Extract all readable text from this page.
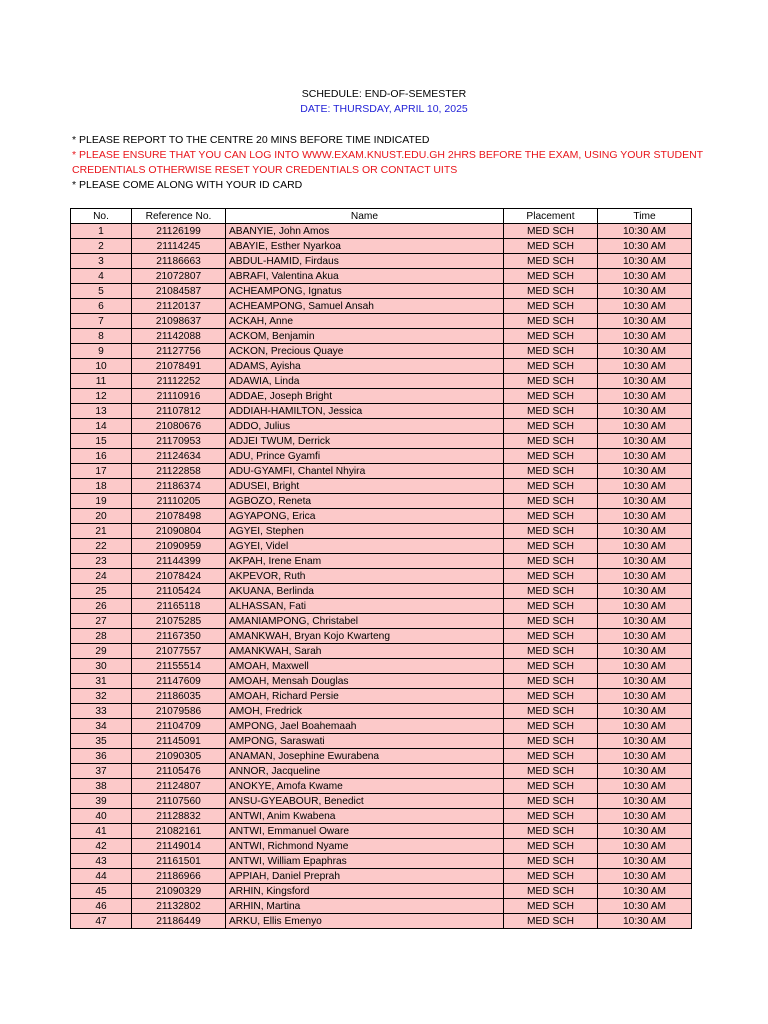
SCHEDULE: END-OF-SEMESTER
DATE: THURSDAY, APRIL 10, 2025
* PLEASE REPORT TO THE CENTRE 20 MINS BEFORE TIME INDICATED
* PLEASE ENSURE THAT YOU CAN LOG INTO WWW.EXAM.KNUST.EDU.GH 2HRS BEFORE THE EXAM, USING YOUR STUDENT CREDENTIALS OTHERWISE RESET YOUR CREDENTIALS OR CONTACT UITS
* PLEASE COME ALONG WITH YOUR ID CARD
No.	Reference No.	Name	Placement	Time
1	21126199	ABANYIE, John Amos	MED SCH	10:30 AM
2	21114245	ABAYIE, Esther Nyarkoa	MED SCH	10:30 AM
3	21186663	ABDUL-HAMID, Firdaus	MED SCH	10:30 AM
4	21072807	ABRAFI, Valentina Akua	MED SCH	10:30 AM
5	21084587	ACHEAMPONG, Ignatus	MED SCH	10:30 AM
6	21120137	ACHEAMPONG, Samuel Ansah	MED SCH	10:30 AM
7	21098637	ACKAH, Anne	MED SCH	10:30 AM
8	21142088	ACKOM, Benjamin	MED SCH	10:30 AM
9	21127756	ACKON, Precious Quaye	MED SCH	10:30 AM
10	21078491	ADAMS, Ayisha	MED SCH	10:30 AM
11	21112252	ADAWIA, Linda	MED SCH	10:30 AM
12	21110916	ADDAE, Joseph Bright	MED SCH	10:30 AM
13	21107812	ADDIAH-HAMILTON, Jessica	MED SCH	10:30 AM
14	21080676	ADDO, Julius	MED SCH	10:30 AM
15	21170953	ADJEI TWUM, Derrick	MED SCH	10:30 AM
16	21124634	ADU, Prince Gyamfi	MED SCH	10:30 AM
17	21122858	ADU-GYAMFI, Chantel Nhyira	MED SCH	10:30 AM
18	21186374	ADUSEI, Bright	MED SCH	10:30 AM
19	21110205	AGBOZO, Reneta	MED SCH	10:30 AM
20	21078498	AGYAPONG, Erica	MED SCH	10:30 AM
21	21090804	AGYEI, Stephen	MED SCH	10:30 AM
22	21090959	AGYEI, Videl	MED SCH	10:30 AM
23	21144399	AKPAH, Irene Enam	MED SCH	10:30 AM
24	21078424	AKPEVOR, Ruth	MED SCH	10:30 AM
25	21105424	AKUANA, Berlinda	MED SCH	10:30 AM
26	21165118	ALHASSAN, Fati	MED SCH	10:30 AM
27	21075285	AMANIAMPONG, Christabel	MED SCH	10:30 AM
28	21167350	AMANKWAH, Bryan Kojo Kwarteng	MED SCH	10:30 AM
29	21077557	AMANKWAH, Sarah	MED SCH	10:30 AM
30	21155514	AMOAH, Maxwell	MED SCH	10:30 AM
31	21147609	AMOAH, Mensah Douglas	MED SCH	10:30 AM
32	21186035	AMOAH, Richard Persie	MED SCH	10:30 AM
33	21079586	AMOH, Fredrick	MED SCH	10:30 AM
34	21104709	AMPONG, Jael Boahemaah	MED SCH	10:30 AM
35	21145091	AMPONG, Saraswati	MED SCH	10:30 AM
36	21090305	ANAMAN, Josephine Ewurabena	MED SCH	10:30 AM
37	21105476	ANNOR, Jacqueline	MED SCH	10:30 AM
38	21124807	ANOKYE, Amofa Kwame	MED SCH	10:30 AM
39	21107560	ANSU-GYEABOUR, Benedict	MED SCH	10:30 AM
40	21128832	ANTWI, Anim Kwabena	MED SCH	10:30 AM
41	21082161	ANTWI, Emmanuel Oware	MED SCH	10:30 AM
42	21149014	ANTWI, Richmond Nyame	MED SCH	10:30 AM
43	21161501	ANTWI, William Epaphras	MED SCH	10:30 AM
44	21186966	APPIAH, Daniel Preprah	MED SCH	10:30 AM
45	21090329	ARHIN, Kingsford	MED SCH	10:30 AM
46	21132802	ARHIN, Martina	MED SCH	10:30 AM
47	21186449	ARKU, Ellis Emenyo	MED SCH	10:30 AM
